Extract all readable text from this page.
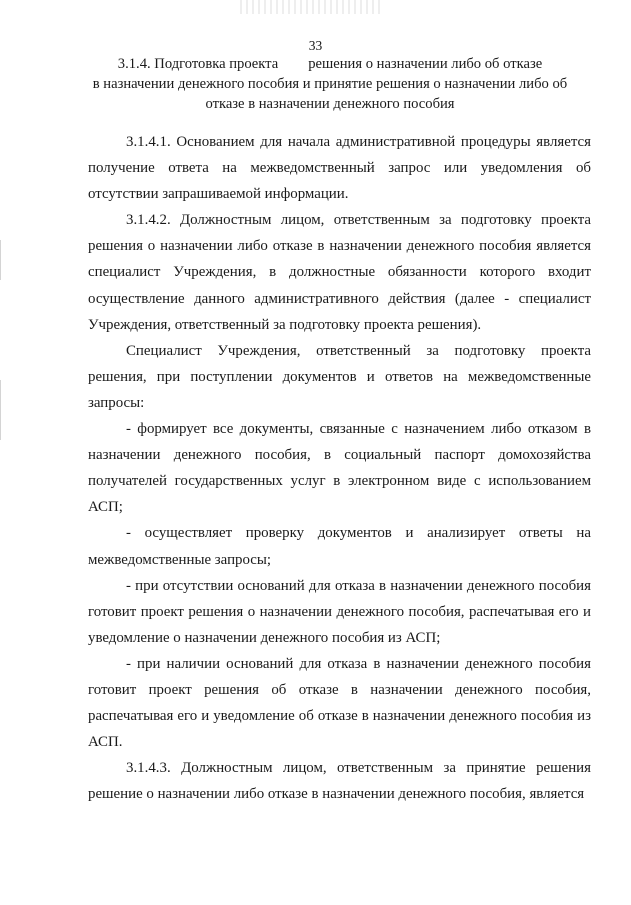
33
3.1.4. Подготовка проекта решения о назначении либо об отказе
в назначении денежного пособия и принятие решения о назначении либо об
отказе в назначении денежного пособия

3.1.4.1. Основанием для начала административной процедуры является получение ответа на межведомственный запрос или уведомления об отсутствии запрашиваемой информации.

3.1.4.2. Должностным лицом, ответственным за подготовку проекта решения о назначении либо отказе в назначении денежного пособия является специалист Учреждения, в должностные обязанности которого входит осуществление данного административного действия (далее - специалист Учреждения, ответственный за подготовку проекта решения).

Специалист Учреждения, ответственный за подготовку проекта решения, при поступлении документов и ответов на межведомственные запросы:

- формирует все документы, связанные с назначением либо отказом в назначении денежного пособия, в социальный паспорт домохозяйства получателей государственных услуг в электронном виде с использованием АСП;

- осуществляет проверку документов и анализирует ответы на межведомственные запросы;

- при отсутствии оснований для отказа в назначении денежного пособия готовит проект решения о назначении денежного пособия, распечатывая его и уведомление о назначении денежного пособия из АСП;

- при наличии оснований для отказа в назначении денежного пособия готовит проект решения об отказе в назначении денежного пособия, распечатывая его и уведомление об отказе в назначении денежного пособия из АСП.

3.1.4.3. Должностным лицом, ответственным за принятие решения решение о назначении либо отказе в назначении денежного пособия, является
